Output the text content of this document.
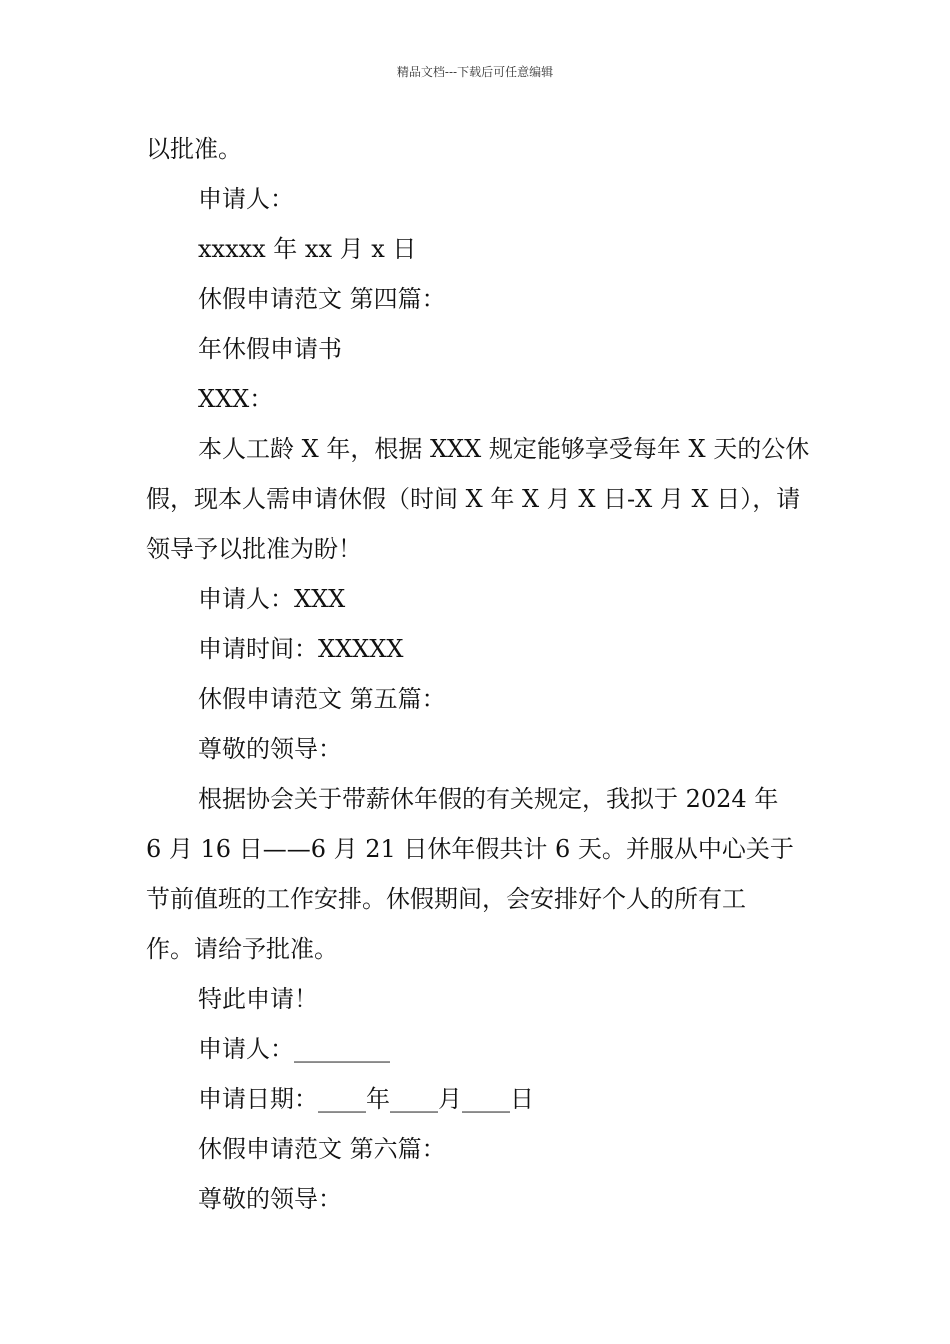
精品文档---下载后可任意编辑
以批准。
申请人：
xxxxx 年 xx 月 x 日
休假申请范文 第四篇：
年休假申请书
XXX：
本人工龄 X 年，根据 XXX 规定能够享受每年 X 天的公休
假，现本人需申请休假（时间 X 年 X 月 X 日-X 月 X 日），请
领导予以批准为盼！
申请人：XXX
申请时间：XXXXX
休假申请范文 第五篇：
尊敬的领导：
根据协会关于带薪休年假的有关规定，我拟于 2024 年
6 月 16 日——6 月 21 日休年假共计 6 天。并服从中心关于
节前值班的工作安排。休假期间，会安排好个人的所有工
作。请给予批准。
特此申请！
申请人：________
申请日期：____年____月____日
休假申请范文 第六篇：
尊敬的领导：
